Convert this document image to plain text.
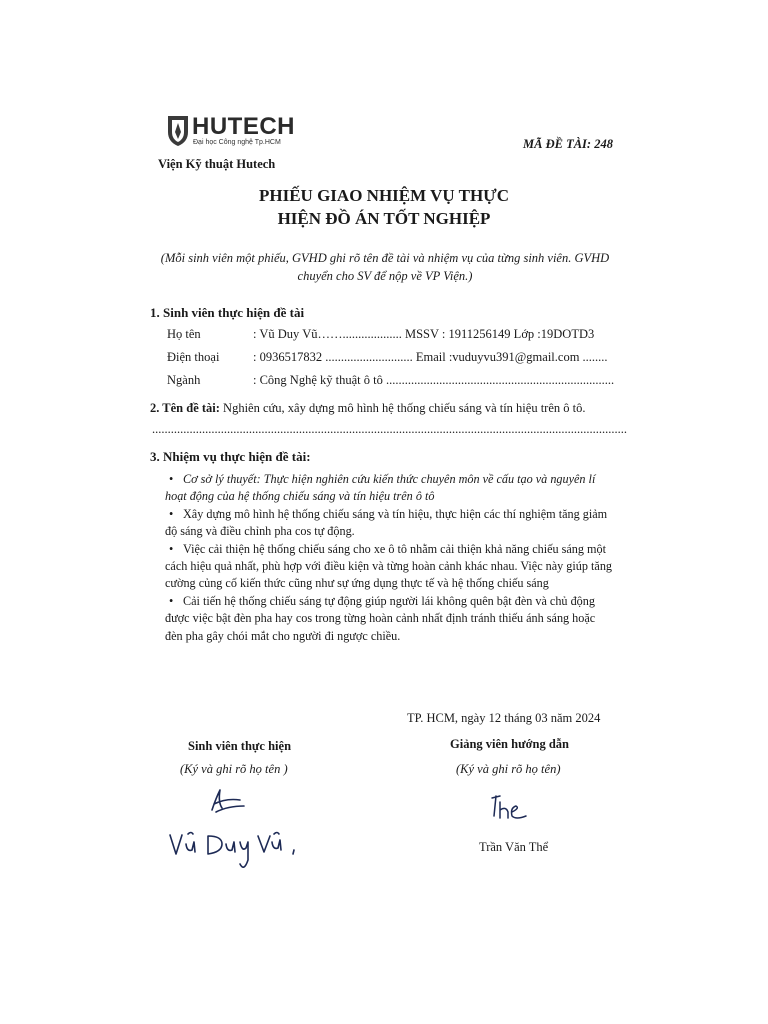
HUTECH
Đại học Công nghệ Tp.HCM
Viện Kỹ thuật Hutech
MÃ ĐỀ TÀI: 248
PHIẾU GIAO NHIỆM VỤ THỰC
HIỆN ĐỒ ÁN TỐT NGHIỆP
(Mỗi sinh viên một phiếu, GVHD ghi rõ tên đề tài và nhiệm vụ của từng sinh viên. GVHD chuyển cho SV để nộp về VP Viện.)
1. Sinh viên thực hiện đề tài
Họ tên	: Vũ Duy Vũ……................... MSSV : 1911256149 Lớp :19DOTD3
Điện thoại	: 0936517832 ............................ Email :vuduyvu391@gmail.com ........
Ngành	: Công Nghệ kỹ thuật ô tô .........................................................................
2. Tên đề tài: Nghiên cứu, xây dựng mô hình hệ thống chiếu sáng và tín hiệu trên ô tô.
........................................................................................................................................................
3. Nhiệm vụ thực hiện đề tài:

• Cơ sở lý thuyết: Thực hiện nghiên cứu kiến thức chuyên môn về cấu tạo và nguyên lí hoạt động của hệ thống chiếu sáng và tín hiệu trên ô tô

• Xây dựng mô hình hệ thống chiếu sáng và tín hiệu, thực hiện các thí nghiệm tăng giảm độ sáng và điều chỉnh pha cos tự động.

• Việc cải thiện hệ thống chiếu sáng cho xe ô tô nhằm cải thiện khả năng chiếu sáng một cách hiệu quả nhất, phù hợp với điều kiện và từng hoàn cảnh khác nhau. Việc này giúp tăng cường củng cố kiến thức cũng như sự ứng dụng thực tế và hệ thống chiếu sáng

• Cải tiến hệ thống chiếu sáng tự động giúp người lái không quên bật đèn và chủ động được việc bật đèn pha hay cos trong từng hoàn cảnh nhất định tránh thiếu ánh sáng hoặc đèn pha gây chói mắt cho người đi ngược chiều.

TP. HCM, ngày 12 tháng 03 năm 2024
Sinh viên thực hiện	Giảng viên hướng dẫn
(Ký và ghi rõ họ tên )	(Ký và ghi rõ họ tên)
Trần Văn Thể
